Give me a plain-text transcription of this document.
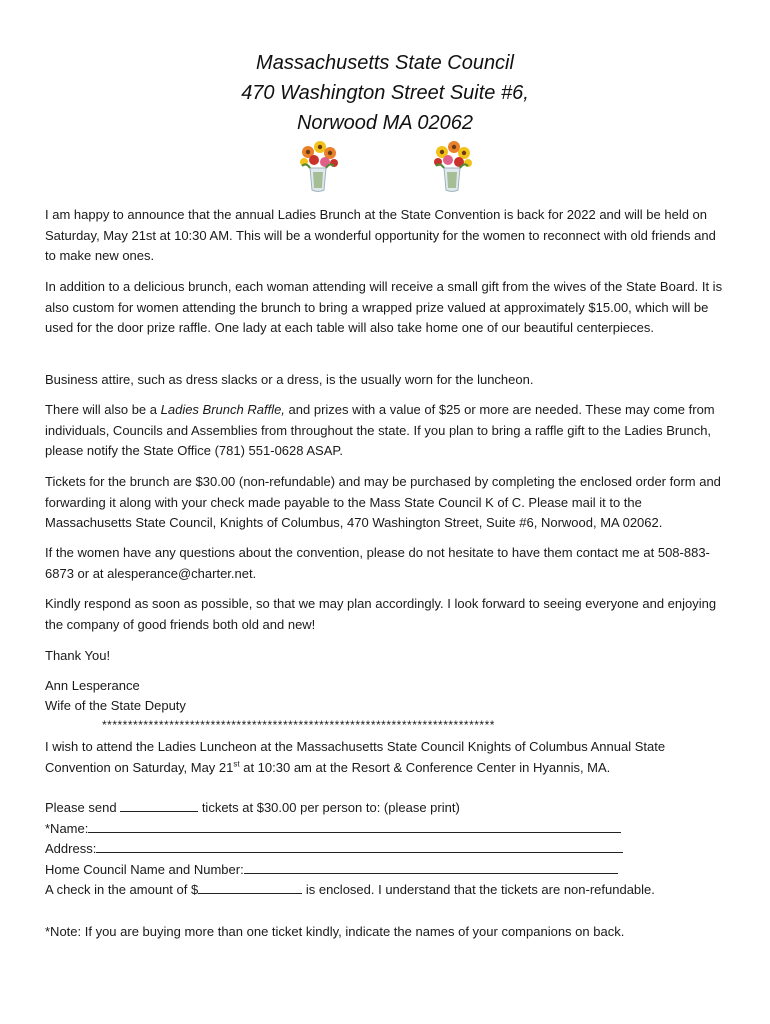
Massachusetts State Council
470 Washington Street Suite #6,
Norwood MA 02062

I am happy to announce that the annual Ladies Brunch at the State Convention is back for 2022 and will be held on Saturday, May 21st at 10:30 AM. This will be a wonderful opportunity for the women to reconnect with old friends and to make new ones.

In addition to a delicious brunch, each woman attending will receive a small gift from the wives of the State Board. It is also custom for women attending the brunch to bring a wrapped prize valued at approximately $15.00, which will be used for the door prize raffle. One lady at each table will also take home one of our beautiful centerpieces.

Business attire, such as dress slacks or a dress, is the usually worn for the luncheon.

There will also be a Ladies Brunch Raffle, and prizes with a value of $25 or more are needed. These may come from individuals, Councils and Assemblies from throughout the state. If you plan to bring a raffle gift to the Ladies Brunch, please notify the State Office (781) 551-0628 ASAP.

Tickets for the brunch are $30.00 (non-refundable) and may be purchased by completing the enclosed order form and forwarding it along with your check made payable to the Mass State Council K of C. Please mail it to the Massachusetts State Council, Knights of Columbus, 470 Washington Street, Suite #6, Norwood, MA 02062.

If the women have any questions about the convention, please do not hesitate to have them contact me at 508-883-6873 or at alesperance@charter.net.

Kindly respond as soon as possible, so that we may plan accordingly. I look forward to seeing everyone and enjoying the company of good friends both old and new!

Thank You!

Ann Lesperance

Wife of the State Deputy

****************************************************************************

I wish to attend the Ladies Luncheon at the Massachusetts State Council Knights of Columbus Annual State Convention on Saturday, May 21st at 10:30 am at the Resort & Conference Center in Hyannis, MA.

Please send	tickets at $30.00 per person to: (please print)

*Name:

Address:

Home Council Name and Number:

A check in the amount of $	is enclosed. I understand that the tickets are non-refundable.

*Note: If you are buying more than one ticket kindly, indicate the names of your companions on back.
